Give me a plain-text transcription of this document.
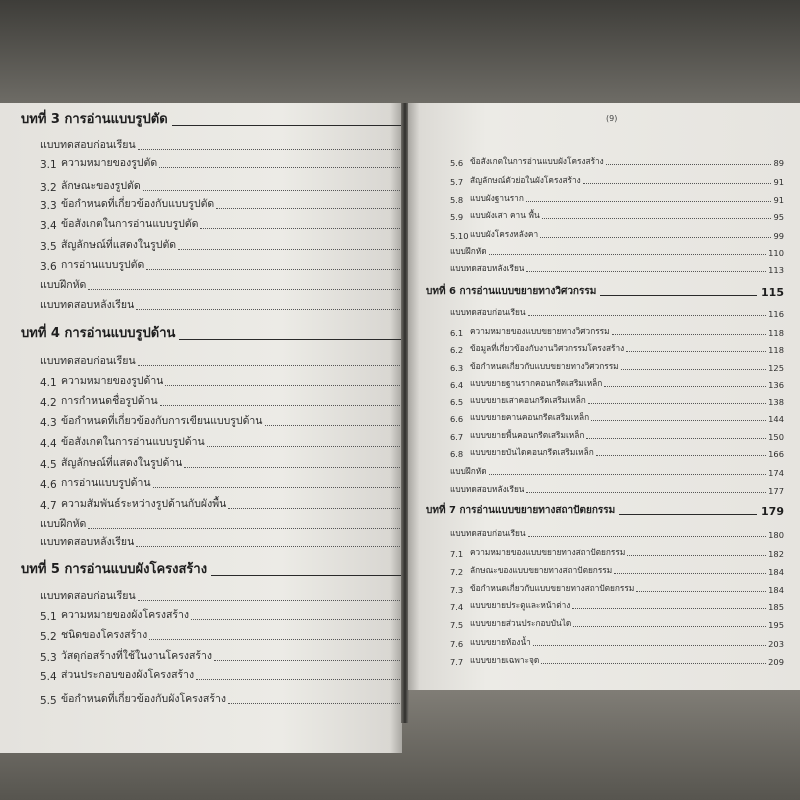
บทที่ 3 การอ่านแบบรูปตัด
แบบทดสอบก่อนเรียน
3.1 ความหมายของรูปตัด
3.2 ลักษณะของรูปตัด
3.3 ข้อกำหนดที่เกี่ยวข้องกับแบบรูปตัด
3.4 ข้อสังเกตในการอ่านแบบรูปตัด
3.5 สัญลักษณ์ที่แสดงในรูปตัด
3.6 การอ่านแบบรูปตัด
แบบฝึกหัด
แบบทดสอบหลังเรียน
บทที่ 4 การอ่านแบบรูปด้าน
แบบทดสอบก่อนเรียน
4.1 ความหมายของรูปด้าน
4.2 การกำหนดชื่อรูปด้าน
4.3 ข้อกำหนดที่เกี่ยวข้องกับการเขียนแบบรูปด้าน
4.4 ข้อสังเกตในการอ่านแบบรูปด้าน
4.5 สัญลักษณ์ที่แสดงในรูปด้าน
4.6 การอ่านแบบรูปด้าน
4.7 ความสัมพันธ์ระหว่างรูปด้านกับผังพื้น
แบบฝึกหัด
แบบทดสอบหลังเรียน
บทที่ 5 การอ่านแบบผังโครงสร้าง
แบบทดสอบก่อนเรียน
5.1 ความหมายของผังโครงสร้าง
5.2 ชนิดของโครงสร้าง
5.3 วัสดุก่อสร้างที่ใช้ในงานโครงสร้าง
5.4 ส่วนประกอบของผังโครงสร้าง
5.5 ข้อกำหนดที่เกี่ยวข้องกับผังโครงสร้าง
5.6 ข้อสังเกตในการอ่านแบบผังโครงสร้าง	89
5.7 สัญลักษณ์ตัวย่อในผังโครงสร้าง	91
5.8 แบบผังฐานราก	91
5.9 แบบผังเสา คาน พื้น	95
5.10 แบบผังโครงหลังคา	99
แบบฝึกหัด	110
แบบทดสอบหลังเรียน	113
บทที่ 6 การอ่านแบบขยายทางวิศวกรรม	115
แบบทดสอบก่อนเรียน	116
6.1 ความหมายของแบบขยายทางวิศวกรรม	118
6.2 ข้อมูลที่เกี่ยวข้องกับงานวิศวกรรมโครงสร้าง	118
6.3 ข้อกำหนดเกี่ยวกับแบบขยายทางวิศวกรรม	125
6.4 แบบขยายฐานรากคอนกรีตเสริมเหล็ก	136
6.5 แบบขยายเสาคอนกรีตเสริมเหล็ก	138
6.6 แบบขยายคานคอนกรีตเสริมเหล็ก	144
6.7 แบบขยายพื้นคอนกรีตเสริมเหล็ก	150
6.8 แบบขยายบันไดคอนกรีตเสริมเหล็ก	166
แบบฝึกหัด	174
แบบทดสอบหลังเรียน	177
บทที่ 7 การอ่านแบบขยายทางสถาปัตยกรรม	179
แบบทดสอบก่อนเรียน	180
7.1 ความหมายของแบบขยายทางสถาปัตยกรรม	182
7.2 ลักษณะของแบบขยายทางสถาปัตยกรรม	184
7.3 ข้อกำหนดเกี่ยวกับแบบขยายทางสถาปัตยกรรม	184
7.4 แบบขยายประตูและหน้าต่าง	185
7.5 แบบขยายส่วนประกอบบันได	195
7.6 แบบขยายห้องน้ำ	203
7.7 แบบขยายเฉพาะจุด	209
(9)
